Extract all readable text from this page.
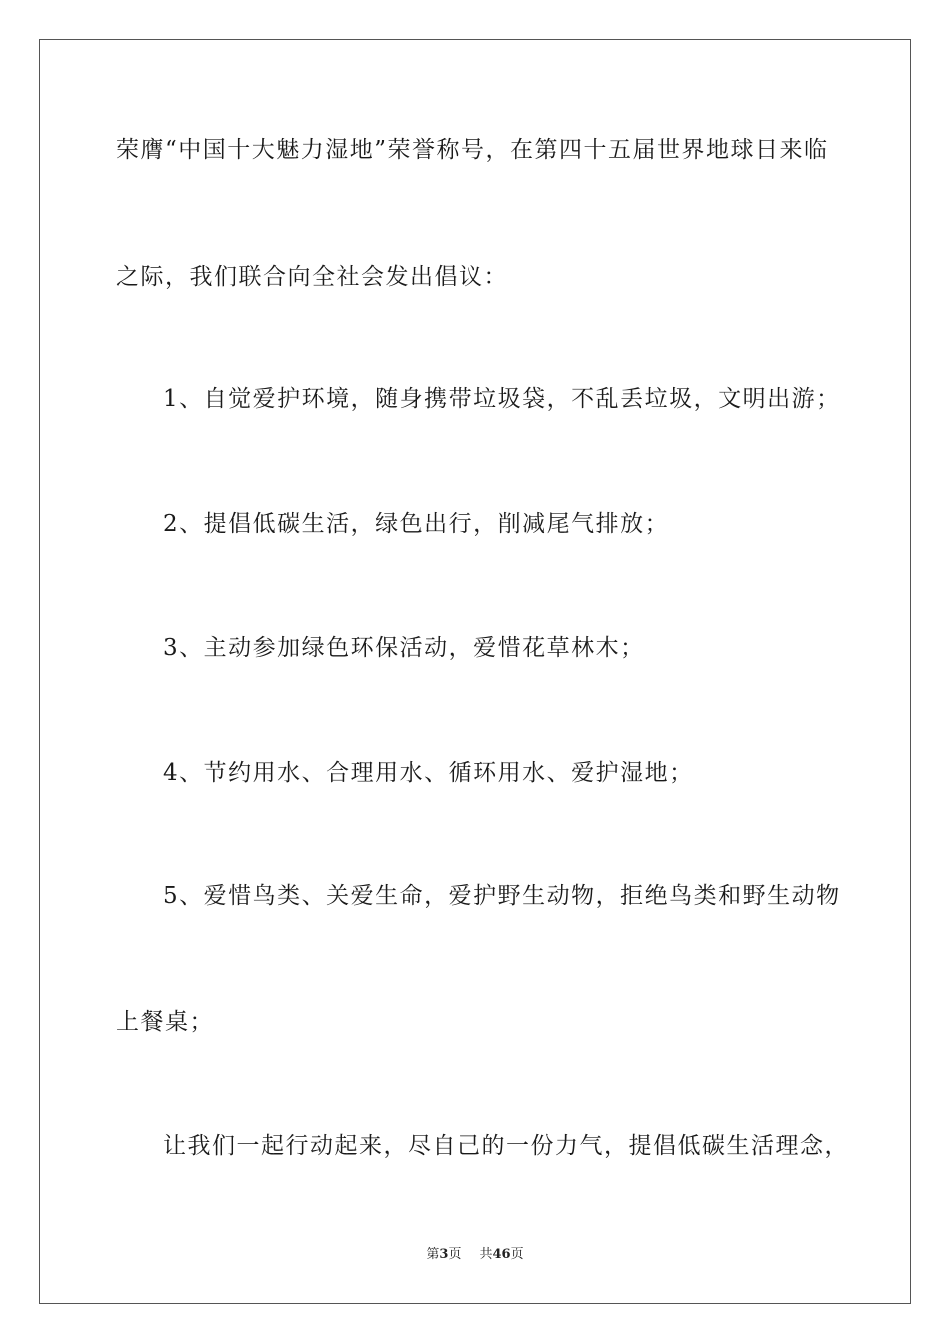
荣膺“中国十大魅力湿地”荣誉称号，在第四十五届世界地球日来临
之际，我们联合向全社会发出倡议：
1、自觉爱护环境，随身携带垃圾袋，不乱丢垃圾，文明出游；
2、提倡低碳生活，绿色出行，削减尾气排放；
3、主动参加绿色环保活动，爱惜花草林木；
4、节约用水、合理用水、循环用水、爱护湿地；
5、爱惜鸟类、关爱生命，爱护野生动物，拒绝鸟类和野生动物
上餐桌；
让我们一起行动起来，尽自己的一份力气，提倡低碳生活理念，
第3页 共46页
